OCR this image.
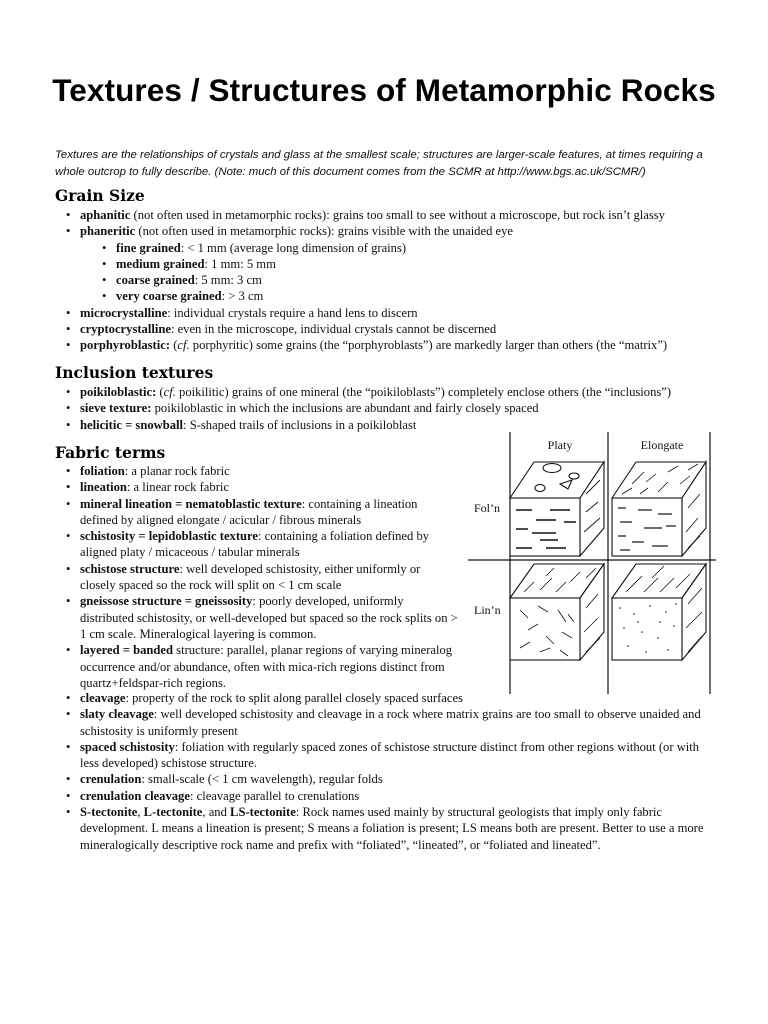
Textures / Structures of Metamorphic Rocks

Textures are the relationships of crystals and glass at the smallest scale; structures are larger-scale features, at times requiring a whole outcrop to fully describe. (Note: much of this document comes from the SCMR at http://www.bgs.ac.uk/SCMR/)

Grain Size
• aphanitic (not often used in metamorphic rocks): grains too small to see without a microscope, but rock isn’t glassy
• phaneritic (not often used in metamorphic rocks): grains visible with the unaided eye
• fine grained: < 1 mm (average long dimension of grains)
• medium grained: 1 mm: 5 mm
• coarse grained: 5 mm: 3 cm
• very coarse grained: > 3 cm
• microcrystalline: individual crystals require a hand lens to discern
• cryptocrystalline: even in the microscope, individual crystals cannot be discerned
• porphyroblastic: (cf. porphyritic) some grains (the “porphyroblasts”) are markedly larger than others (the “matrix”)
Inclusion textures
• poikiloblastic: (cf. poikilitic) grains of one mineral (the “poikiloblasts”) completely enclose others (the “inclusions”)
• sieve texture: poikiloblastic in which the inclusions are abundant and fairly closely spaced
• helicitic = snowball: S-shaped trails of inclusions in a poikiloblast
Fabric terms
• foliation: a planar rock fabric
• lineation: a linear rock fabric
• mineral lineation = nematoblastic texture: containing a lineation defined by aligned elongate / acicular / fibrous minerals
• schistosity = lepidoblastic texture: containing a foliation defined by aligned platy / micaceous / tabular minerals
• schistose structure: well developed schistosity, either uniformly or closely spaced so the rock will split on < 1 cm scale
• gneissose structure = gneissosity: poorly developed, uniformly distributed schistosity, or well-developed but spaced so the rock splits on > 1 cm scale. Mineralogical layering is common.
• layered = banded structure: parallel, planar regions of varying mineralog occurrence and/or abundance, often with mica-rich regions distinct from quartz+feldspar-rich regions.
• cleavage: property of the rock to split along parallel closely spaced surfaces
• slaty cleavage: well developed schistosity and cleavage in a rock where matrix grains are too small to observe unaided and schistosity is uniformly present
• spaced schistosity: foliation with regularly spaced zones of schistose structure distinct from other regions without (or with less developed) schistose structure.
• crenulation: small-scale (< 1 cm wavelength), regular folds
• crenulation cleavage: cleavage parallel to crenulations
• S-tectonite, L-tectonite, and LS-tectonite: Rock names used mainly by structural geologists that imply only fabric development. L means a lineation is present; S means a foliation is present; LS means both are present. Better to use a more mineralogically descriptive rock name and prefix with “foliated”, “lineated”, or “foliated and lineated”.
Platy	Elongate
Fol’n
Lin’n
